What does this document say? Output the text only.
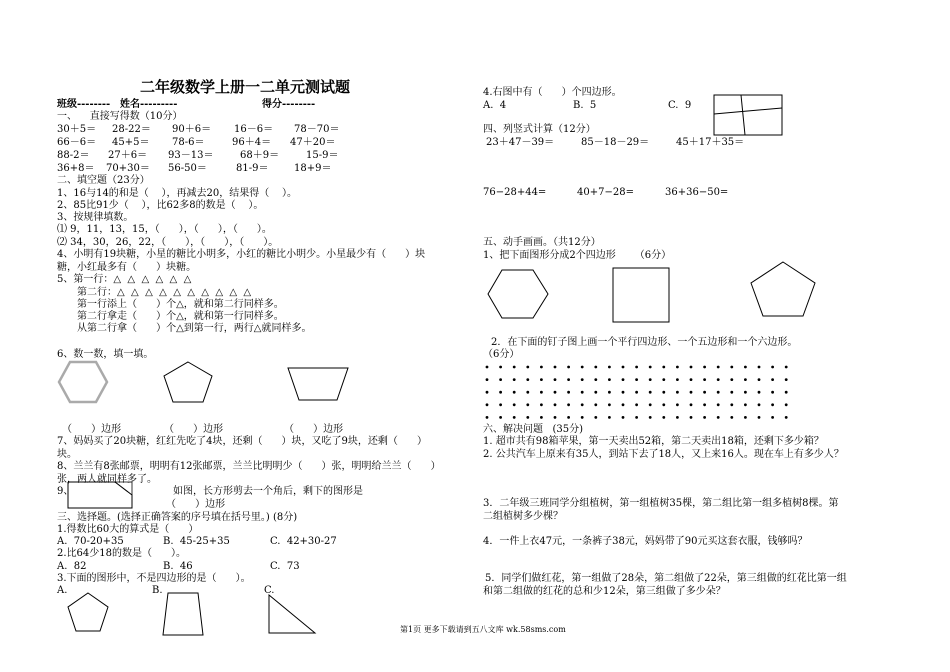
二年级数学上册一二单元测试题
班级-------- 姓名---------	得分--------
一、    直接写得数（10分）
30＋5＝ 28-22＝ 90＋6＝ 16－6＝ 78－70＝
66－6＝ 45+5＝ 78-6＝	96＋4＝ 47＋20＝
88-2＝ 27＋6＝ 93－13＝	68＋9＝	15-9＝
36+8＝ 70+30＝ 56-50＝	81-9＝	18+9＝
二、填空题（23分）
1、16与14的和是（    ），再减去20，结果得（    ）。
2、85比91少（    ），比62多8的数是（    ）。
3、按规律填数。
⑴ 9，11，13，15，（      ），（      ），（      ）。
⑵ 34，30，26，22，（      ），（      ），（      ）。
4、小明有19块糖，小星的糖比小明多，小红的糖比小明少。小星最少有（      ）块
糖，小红最多有（      ）块糖。
5、第一行：△  △  △  △  △  △
第二行：△  △  △  △  △  △  △  △  △  △
第一行添上（      ）个△，就和第二行同样多。
第二行拿走（      ）个△，就和第一行同样多。
从第二行拿（      ）个△到第一行，两行△就同样多。
6、数一数，填一填。
（      ）边形	（      ）边形	（      ）边形
7、妈妈买了20块糖，红红先吃了4块，还剩（      ）块，又吃了9块，还剩（      ）
块。
8、兰兰有8张邮票，明明有12张邮票，兰兰比明明少（      ）张，明明给兰兰（      ）
张，两人就同样多了。
9、	如图，长方形剪去一个角后，剩下的图形是
（      ）边形
三、选择题。(选择正确答案的序号填在括号里。) (8分)
1.得数比60大的算式是（      ）
A.  70-20+35	B.  45-25+35	C.  42+30-27
2.比64少18的数是（      ）。
A.  82	B.  46	C.  73
3.下面的图形中，不是四边形的是（      ）。
A.	B.	C.
4.右图中有（      ）个四边形。
A.  4	B.  5	C.  9
四、列竖式计算（12分）
23＋47－39＝	85－18－29＝	45＋17＋35＝
76−28+44=	40+7−28=	36+36−50=
五、动手画画。（共12分）
1、把下面图形分成2个四边形      （6分）
2．在下面的钉子图上画一个平行四边形、一个五边形和一个六边形。
（6分）
六、解决问题   (35分)
1. 超市共有98箱苹果，第一天卖出52箱，第二天卖出18箱，还剩下多少箱？
2. 公共汽车上原来有35人，到站下去了18人，又上来16人。现在车上有多少人？
3．二年级三班同学分组植树，第一组植树35棵，第二组比第一组多植树8棵。第
二组植树多少棵？
4．一件上衣47元，一条裤子38元，妈妈带了90元买这套衣服，钱够吗？
5．同学们做红花，第一组做了28朵，第二组做了22朵，第三组做的红花比第一组
和第二组做的红花的总和少12朵，第三组做了多少朵？
第1页 更多下载请到五八文库 wk.58sms.com
